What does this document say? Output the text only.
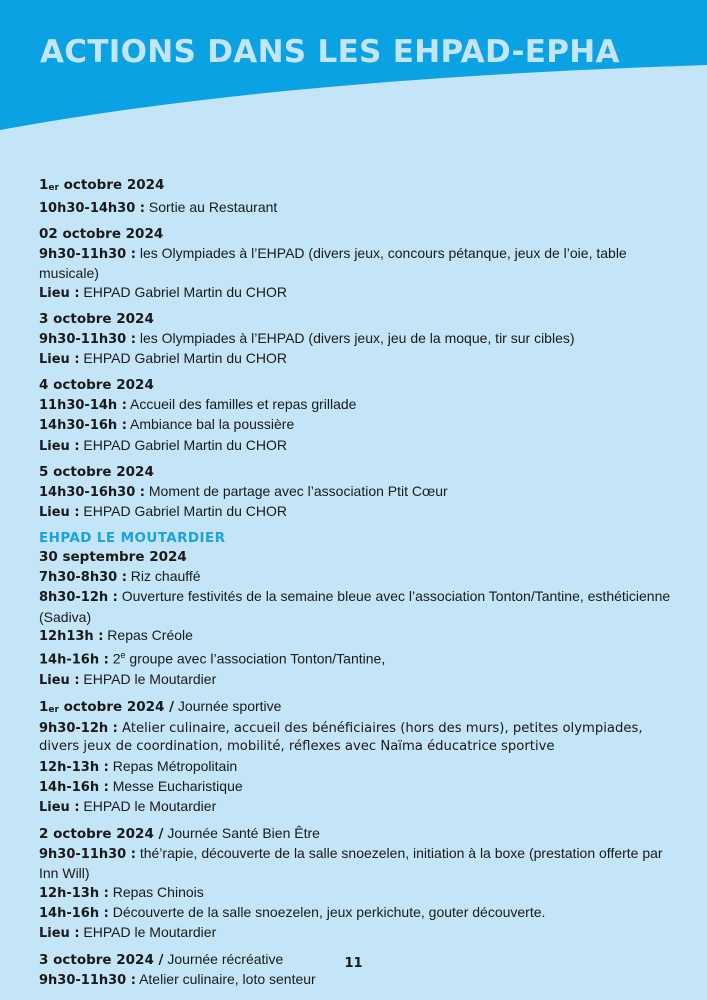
ACTIONS DANS LES EHPAD-EPHA
$1_{er}$ octobre 2024
10h30-14h30 : Sortie au Restaurant
02 octobre 2024
9h30-11h30 : les Olympiades à l’EHPAD (divers jeux, concours pétanque, jeux de l’oie, table musicale)
Lieu : EHPAD Gabriel Martin du CHOR
3 octobre 2024
9h30-11h30 : les Olympiades à l’EHPAD (divers jeux, jeu de la moque, tir sur cibles)
Lieu : EHPAD Gabriel Martin du CHOR
4 octobre 2024
11h30-14h : Accueil des familles et repas grillade
14h30-16h : Ambiance bal la poussière
Lieu : EHPAD Gabriel Martin du CHOR
5 octobre 2024
14h30-16h30 : Moment de partage avec l’association Ptit Cœur
Lieu : EHPAD Gabriel Martin du CHOR
EHPAD LE MOUTARDIER
30 septembre 2024
7h30-8h30 : Riz chauffé
8h30-12h : Ouverture festivités de la semaine bleue avec l’association Tonton/Tantine, esthéticienne (Sadiva)
12h13h : Repas Créole
14h-16h : 2e groupe avec l’association Tonton/Tantine,
Lieu : EHPAD le Moutardier
$1_{er}$ octobre 2024 / Journée sportive
9h30-12h : Atelier culinaire, accueil des bénéficiaires (hors des murs), petites olympiades, divers jeux de coordination, mobilité, réflexes avec Naïma éducatrice sportive
12h-13h : Repas Métropolitain
14h-16h : Messe Eucharistique
Lieu : EHPAD le Moutardier
2 octobre 2024 / Journée Santé Bien Être
9h30-11h30 : thé’rapie, découverte de la salle snoezelen, initiation à la boxe (prestation offerte par Inn Will)
12h-13h : Repas Chinois
14h-16h : Découverte de la salle snoezelen, jeux perkichute, gouter découverte.
Lieu : EHPAD le Moutardier
3 octobre 2024 / Journée récréative
9h30-11h30 : Atelier culinaire, loto senteur
11
